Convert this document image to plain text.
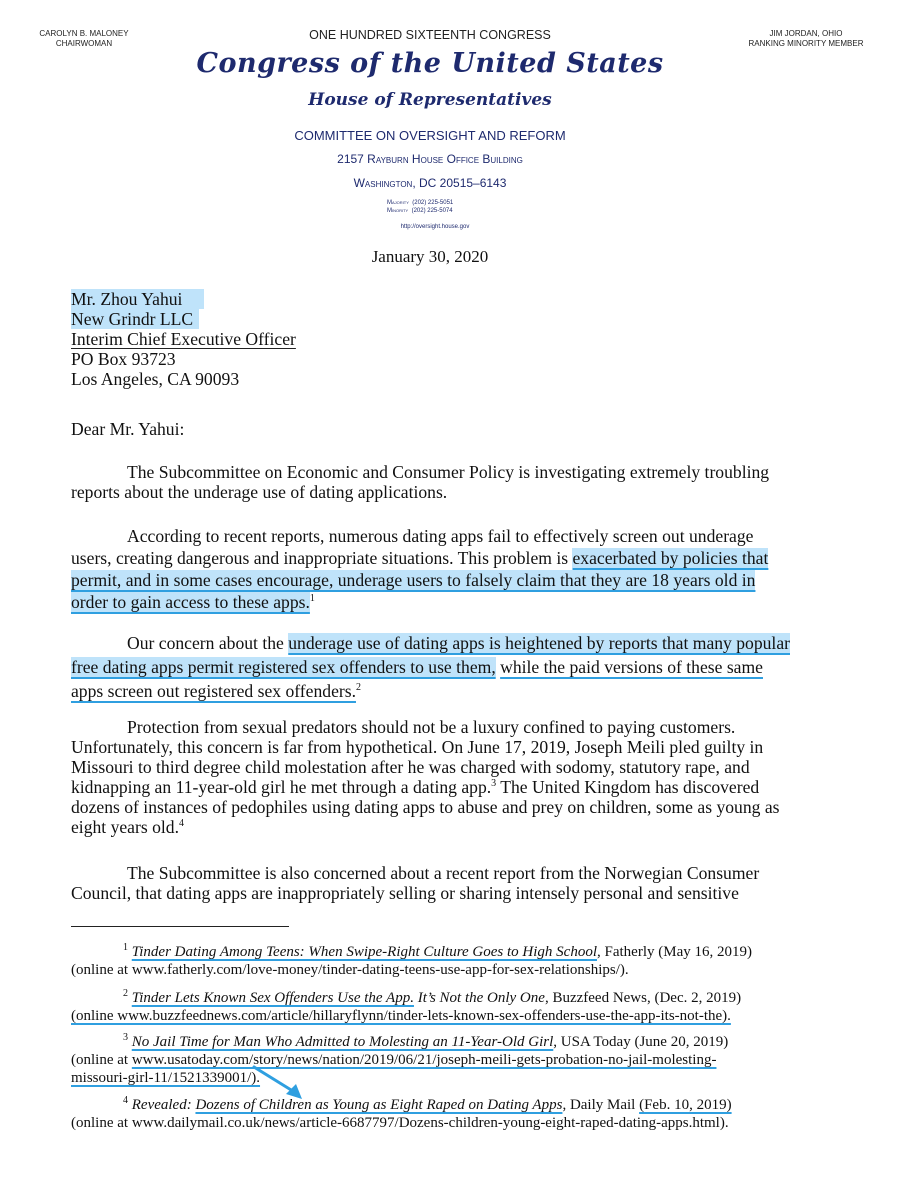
CAROLYN B. MALONEY
CHAIRWOMAN
JIM JORDAN, OHIO
RANKING MINORITY MEMBER
ONE HUNDRED SIXTEENTH CONGRESS
Congress of the United States
House of Representatives
COMMITTEE ON OVERSIGHT AND REFORM
2157 Rayburn House Office Building
Washington, DC 20515–6143
Majority (202) 225-5051
Minority (202) 225-5074
http://oversight.house.gov
January 30, 2020
Mr. Zhou Yahui
New Grindr LLC
Interim Chief Executive Officer
PO Box 93723
Los Angeles, CA 90093
Dear Mr. Yahui:
The Subcommittee on Economic and Consumer Policy is investigating extremely troubling reports about the underage use of dating applications.
According to recent reports, numerous dating apps fail to effectively screen out underage users, creating dangerous and inappropriate situations. This problem is exacerbated by policies that permit, and in some cases encourage, underage users to falsely claim that they are 18 years old in order to gain access to these apps.$^1$
Our concern about the underage use of dating apps is heightened by reports that many popular free dating apps permit registered sex offenders to use them, while the paid versions of these same apps screen out registered sex offenders.$^2$
Protection from sexual predators should not be a luxury confined to paying customers. Unfortunately, this concern is far from hypothetical. On June 17, 2019, Joseph Meili pled guilty in Missouri to third degree child molestation after he was charged with sodomy, statutory rape, and kidnapping an 11-year-old girl he met through a dating app.$^3$ The United Kingdom has discovered dozens of instances of pedophiles using dating apps to abuse and prey on children, some as young as eight years old.$^4$
The Subcommittee is also concerned about a recent report from the Norwegian Consumer Council, that dating apps are inappropriately selling or sharing intensely personal and sensitive
$^1$ Tinder Dating Among Teens: When Swipe-Right Culture Goes to High School, Fatherly (May 16, 2019)
(online at www.fatherly.com/love-money/tinder-dating-teens-use-app-for-sex-relationships/).
$^2$ Tinder Lets Known Sex Offenders Use the App. It’s Not the Only One, Buzzfeed News, (Dec. 2, 2019)
(online www.buzzfeednews.com/article/hillaryflynn/tinder-lets-known-sex-offenders-use-the-app-its-not-the).
$^3$ No Jail Time for Man Who Admitted to Molesting an 11-Year-Old Girl, USA Today (June 20, 2019)
(online at www.usatoday.com/story/news/nation/2019/06/21/joseph-meili-gets-probation-no-jail-molesting-
missouri-girl-11/1521339001/).
$^4$ Revealed: Dozens of Children as Young as Eight Raped on Dating Apps, Daily Mail (Feb. 10, 2019)
(online at www.dailymail.co.uk/news/article-6687797/Dozens-children-young-eight-raped-dating-apps.html).
